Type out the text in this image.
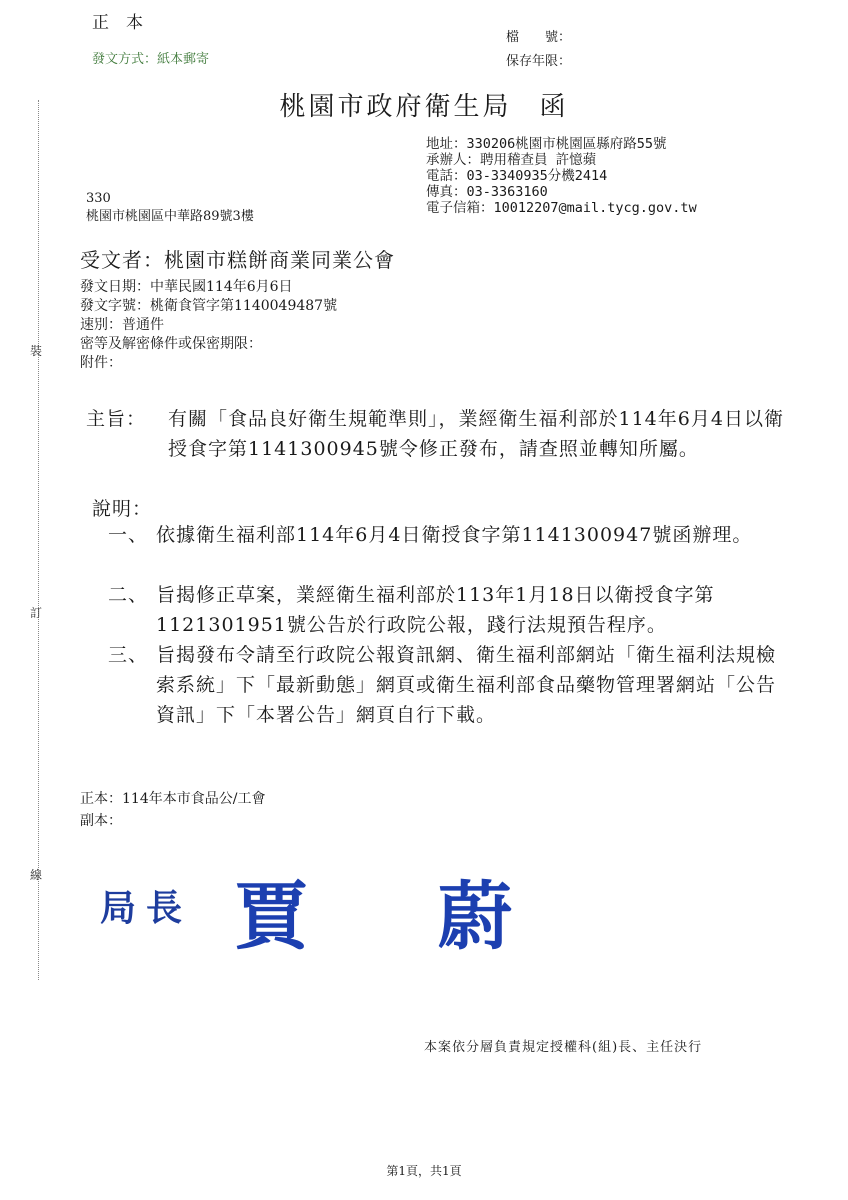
裝
訂
線
正　本
發文方式：紙本郵寄
檔　　號：
保存年限：
桃園市政府衛生局 函
地址：330206桃園市桃園區縣府路55號
承辦人：聘用稽查員 許憶蘋
電話：03-3340935分機2414
傳真：03-3363160
電子信箱：10012207@mail.tycg.gov.tw
330
桃園市桃園區中華路89號3樓
受文者：桃園市糕餅商業同業公會
發文日期：中華民國114年6月6日
發文字號：桃衛食管字第1140049487號
速別：普通件
密等及解密條件或保密期限：
附件：
主旨： 有關「食品良好衛生規範準則」，業經衛生福利部於114年6月4日以衛授食字第1141300945號令修正發布，請查照並轉知所屬。
說明：
一、 依據衛生福利部114年6月4日衛授食字第1141300947號函辦理。
二、 旨揭修正草案，業經衛生福利部於113年1月18日以衛授食字第1121301951號公告於行政院公報，踐行法規預告程序。
三、 旨揭發布令請至行政院公報資訊網、衛生福利部網站「衛生福利法規檢索系統」下「最新動態」網頁或衛生福利部食品藥物管理署網站「公告資訊」下「本署公告」網頁自行下載。
正本：114年本市食品公/工會
副本：
局長 賈 蔚
本案依分層負責規定授權科(組)長、主任決行
第1頁，共1頁
